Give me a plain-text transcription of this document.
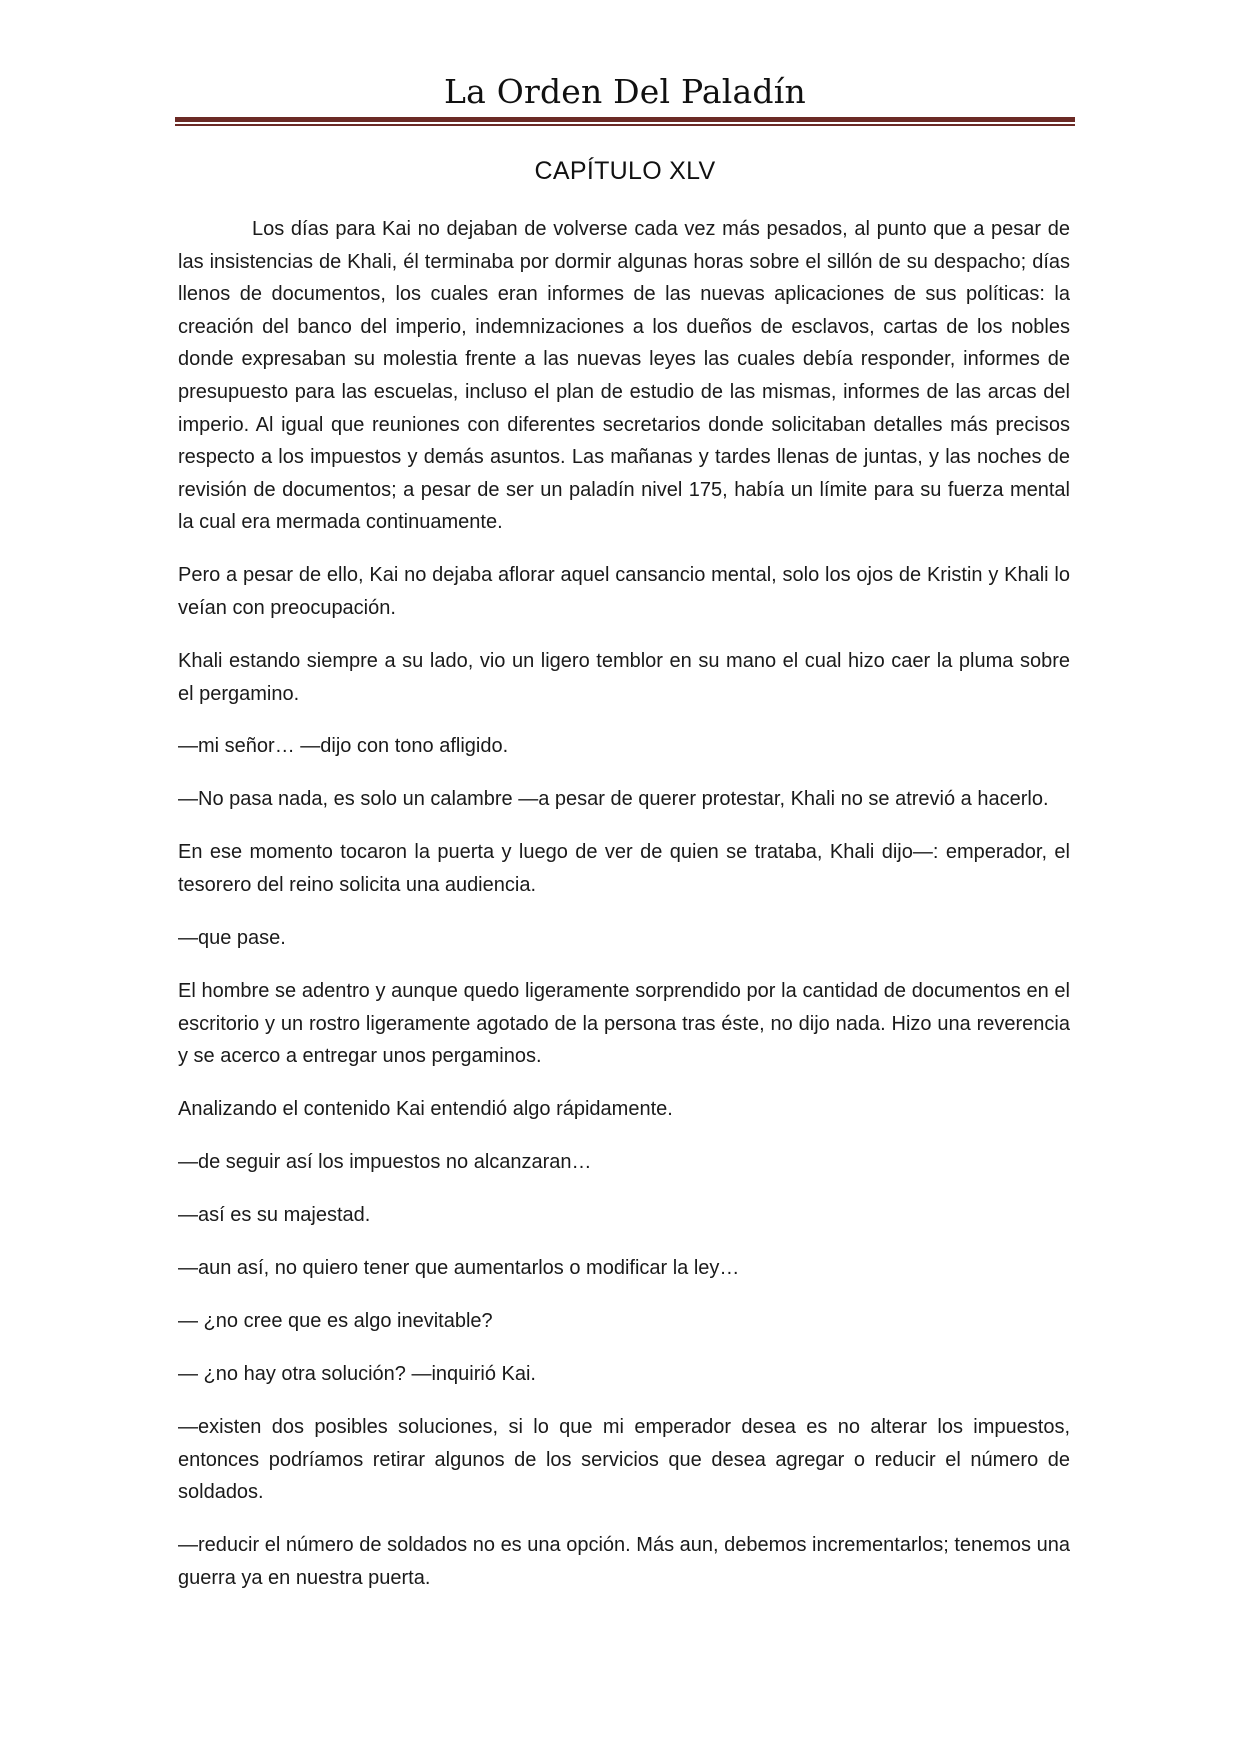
La Orden Del Paladín
CAPÍTULO XLV

Los días para Kai no dejaban de volverse cada vez más pesados, al punto que a pesar de las insistencias de Khali, él terminaba por dormir algunas horas sobre el sillón de su despacho; días llenos de documentos, los cuales eran informes de las nuevas aplicaciones de sus políticas: la creación del banco del imperio, indemnizaciones a los dueños de esclavos, cartas de los nobles donde expresaban su molestia frente a las nuevas leyes las cuales debía responder, informes de presupuesto para las escuelas, incluso el plan de estudio de las mismas, informes de las arcas del imperio. Al igual que reuniones con diferentes secretarios donde solicitaban detalles más precisos respecto a los impuestos y demás asuntos. Las mañanas y tardes llenas de juntas, y las noches de revisión de documentos; a pesar de ser un paladín nivel 175, había un límite para su fuerza mental la cual era mermada continuamente.

Pero a pesar de ello, Kai no dejaba aflorar aquel cansancio mental, solo los ojos de Kristin y Khali lo veían con preocupación.

Khali estando siempre a su lado, vio un ligero temblor en su mano el cual hizo caer la pluma sobre el pergamino.

—mi señor… —dijo con tono afligido.

—No pasa nada, es solo un calambre —a pesar de querer protestar, Khali no se atrevió a hacerlo.

En ese momento tocaron la puerta y luego de ver de quien se trataba, Khali dijo—: emperador, el tesorero del reino solicita una audiencia.

—que pase.

El hombre se adentro y aunque quedo ligeramente sorprendido por la cantidad de documentos en el escritorio y un rostro ligeramente agotado de la persona tras éste, no dijo nada. Hizo una reverencia y se acerco a entregar unos pergaminos.

Analizando el contenido Kai entendió algo rápidamente.

—de seguir así los impuestos no alcanzaran…

—así es su majestad.

—aun así, no quiero tener que aumentarlos o modificar la ley…

— ¿no cree que es algo inevitable?

— ¿no hay otra solución? —inquirió Kai.

—existen dos posibles soluciones, si lo que mi emperador desea es no alterar los impuestos, entonces podríamos retirar algunos de los servicios que desea agregar o reducir el número de soldados.

—reducir el número de soldados no es una opción. Más aun, debemos incrementarlos; tenemos una guerra ya en nuestra puerta.
